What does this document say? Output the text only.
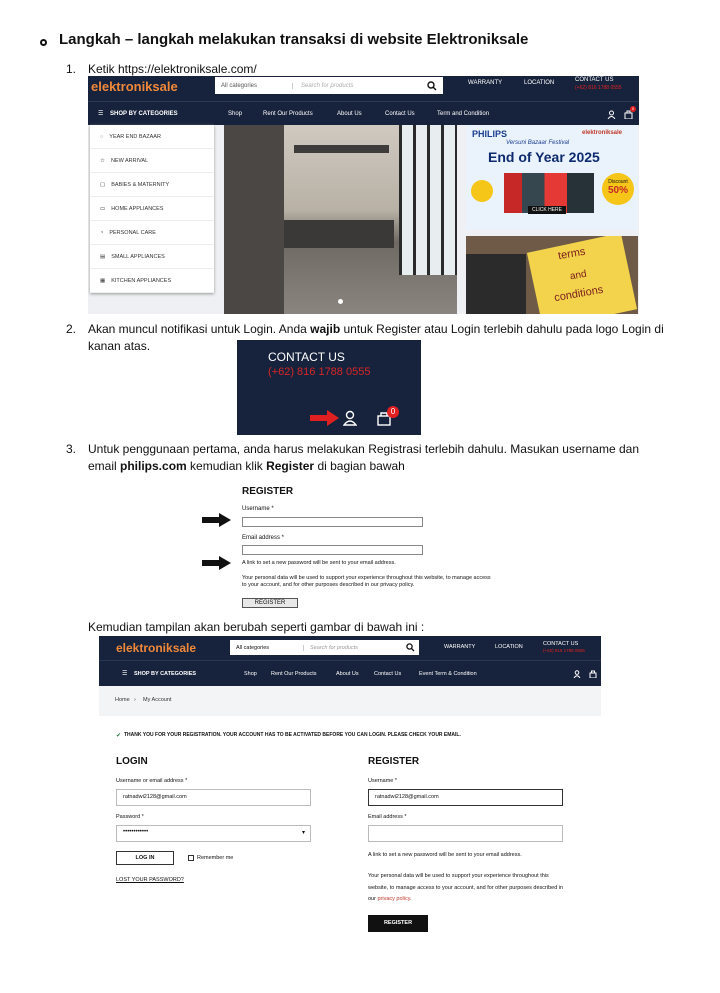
Langkah – langkah melakukan transaksi di website Elektroniksale
1. Ketik https://elektroniksale.com/
elektroniksale	All categories	Search for products	WARRANTY	LOCATION	CONTACT US
(+62) 816 1788 0555
☰ SHOP BY CATEGORIES	Shop	Rent Our Products	About Us	Contact Us	Term and Condition
0
◌ YEAR END BAZAAR
☆ NEW ARRIVAL
▢ BABIES & MATERNITY
▭ HOME APPLIANCES
◔ PERSONAL CARE
▤ SMALL APPLIANCES
▦ KITCHEN APPLIANCES
PHILIPS	elektroniksale
Versuni Bazaar Festival
End of Year 2025
Discount
50%
CLICK HERE
terms
and
conditions
2. Akan muncul notifikasi untuk Login. Anda wajib untuk Register atau Login terlebih dahulu pada logo Login di
kanan atas.
CONTACT US
(+62) 816 1788 0555
0
3. Untuk penggunaan pertama, anda harus melakukan Registrasi terlebih dahulu. Masukan username dan
email philips.com kemudian klik Register di bagian bawah
REGISTER
Username *
Email address *
A link to set a new password will be sent to your email address.
Your personal data will be used to support your experience throughout this website, to manage access to your account, and for other purposes described in our privacy policy.
REGISTER
Kemudian tampilan akan berubah seperti gambar di bawah ini :
elektroniksale	All categories	Search for products	WARRANTY	LOCATION	CONTACT US
(+62) 816 1788 0555
☰ SHOP BY CATEGORIES	Shop	Rent Our Products	About Us	Contact Us	Event Term & Condition
Home › My Account
✔ THANK YOU FOR YOUR REGISTRATION. YOUR ACCOUNT HAS TO BE ACTIVATED BEFORE YOU CAN LOGIN. PLEASE CHECK YOUR EMAIL.
LOGIN
Username or email address *
ratnadwi2128@gmail.com
Password *
••••••••••••	▾
LOG IN	Remember me
LOST YOUR PASSWORD?
REGISTER
Username *
ratnadwi2128@gmail.com
Email address *
A link to set a new password will be sent to your email address.
Your personal data will be used to support your experience throughout this
website, to manage access to your account, and for other purposes described in
our privacy policy.
REGISTER
